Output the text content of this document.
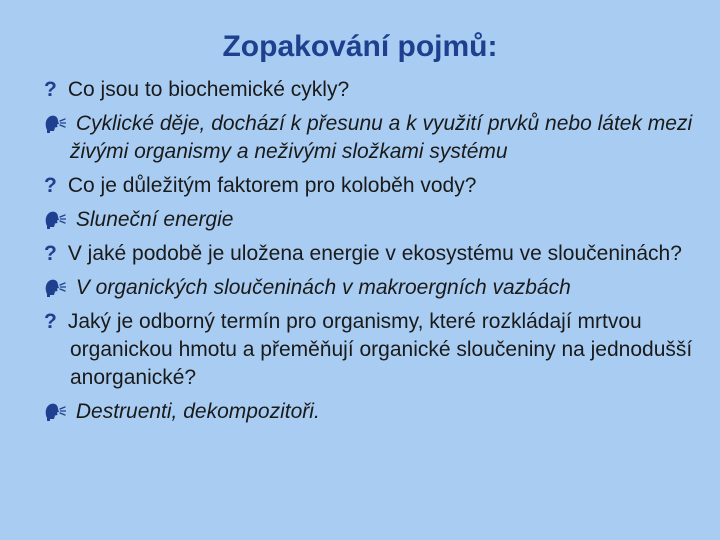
Zopakování pojmů:
? Co jsou to biochemické cykly?
Cyklické děje, dochází k přesunu a k využití prvků nebo látek mezi živými organismy a neživými složkami systému
? Co je důležitým faktorem pro koloběh vody?
Sluneční energie
? V jaké podobě je uložena energie v ekosystému ve sloučeninách?
V organických sloučeninách v makroergních vazbách
? Jaký je odborný termín pro organismy, které rozkládají mrtvou organickou hmotu a přeměňují organické sloučeniny na jednodušší anorganické?
Destruenti, dekompozitoři.
